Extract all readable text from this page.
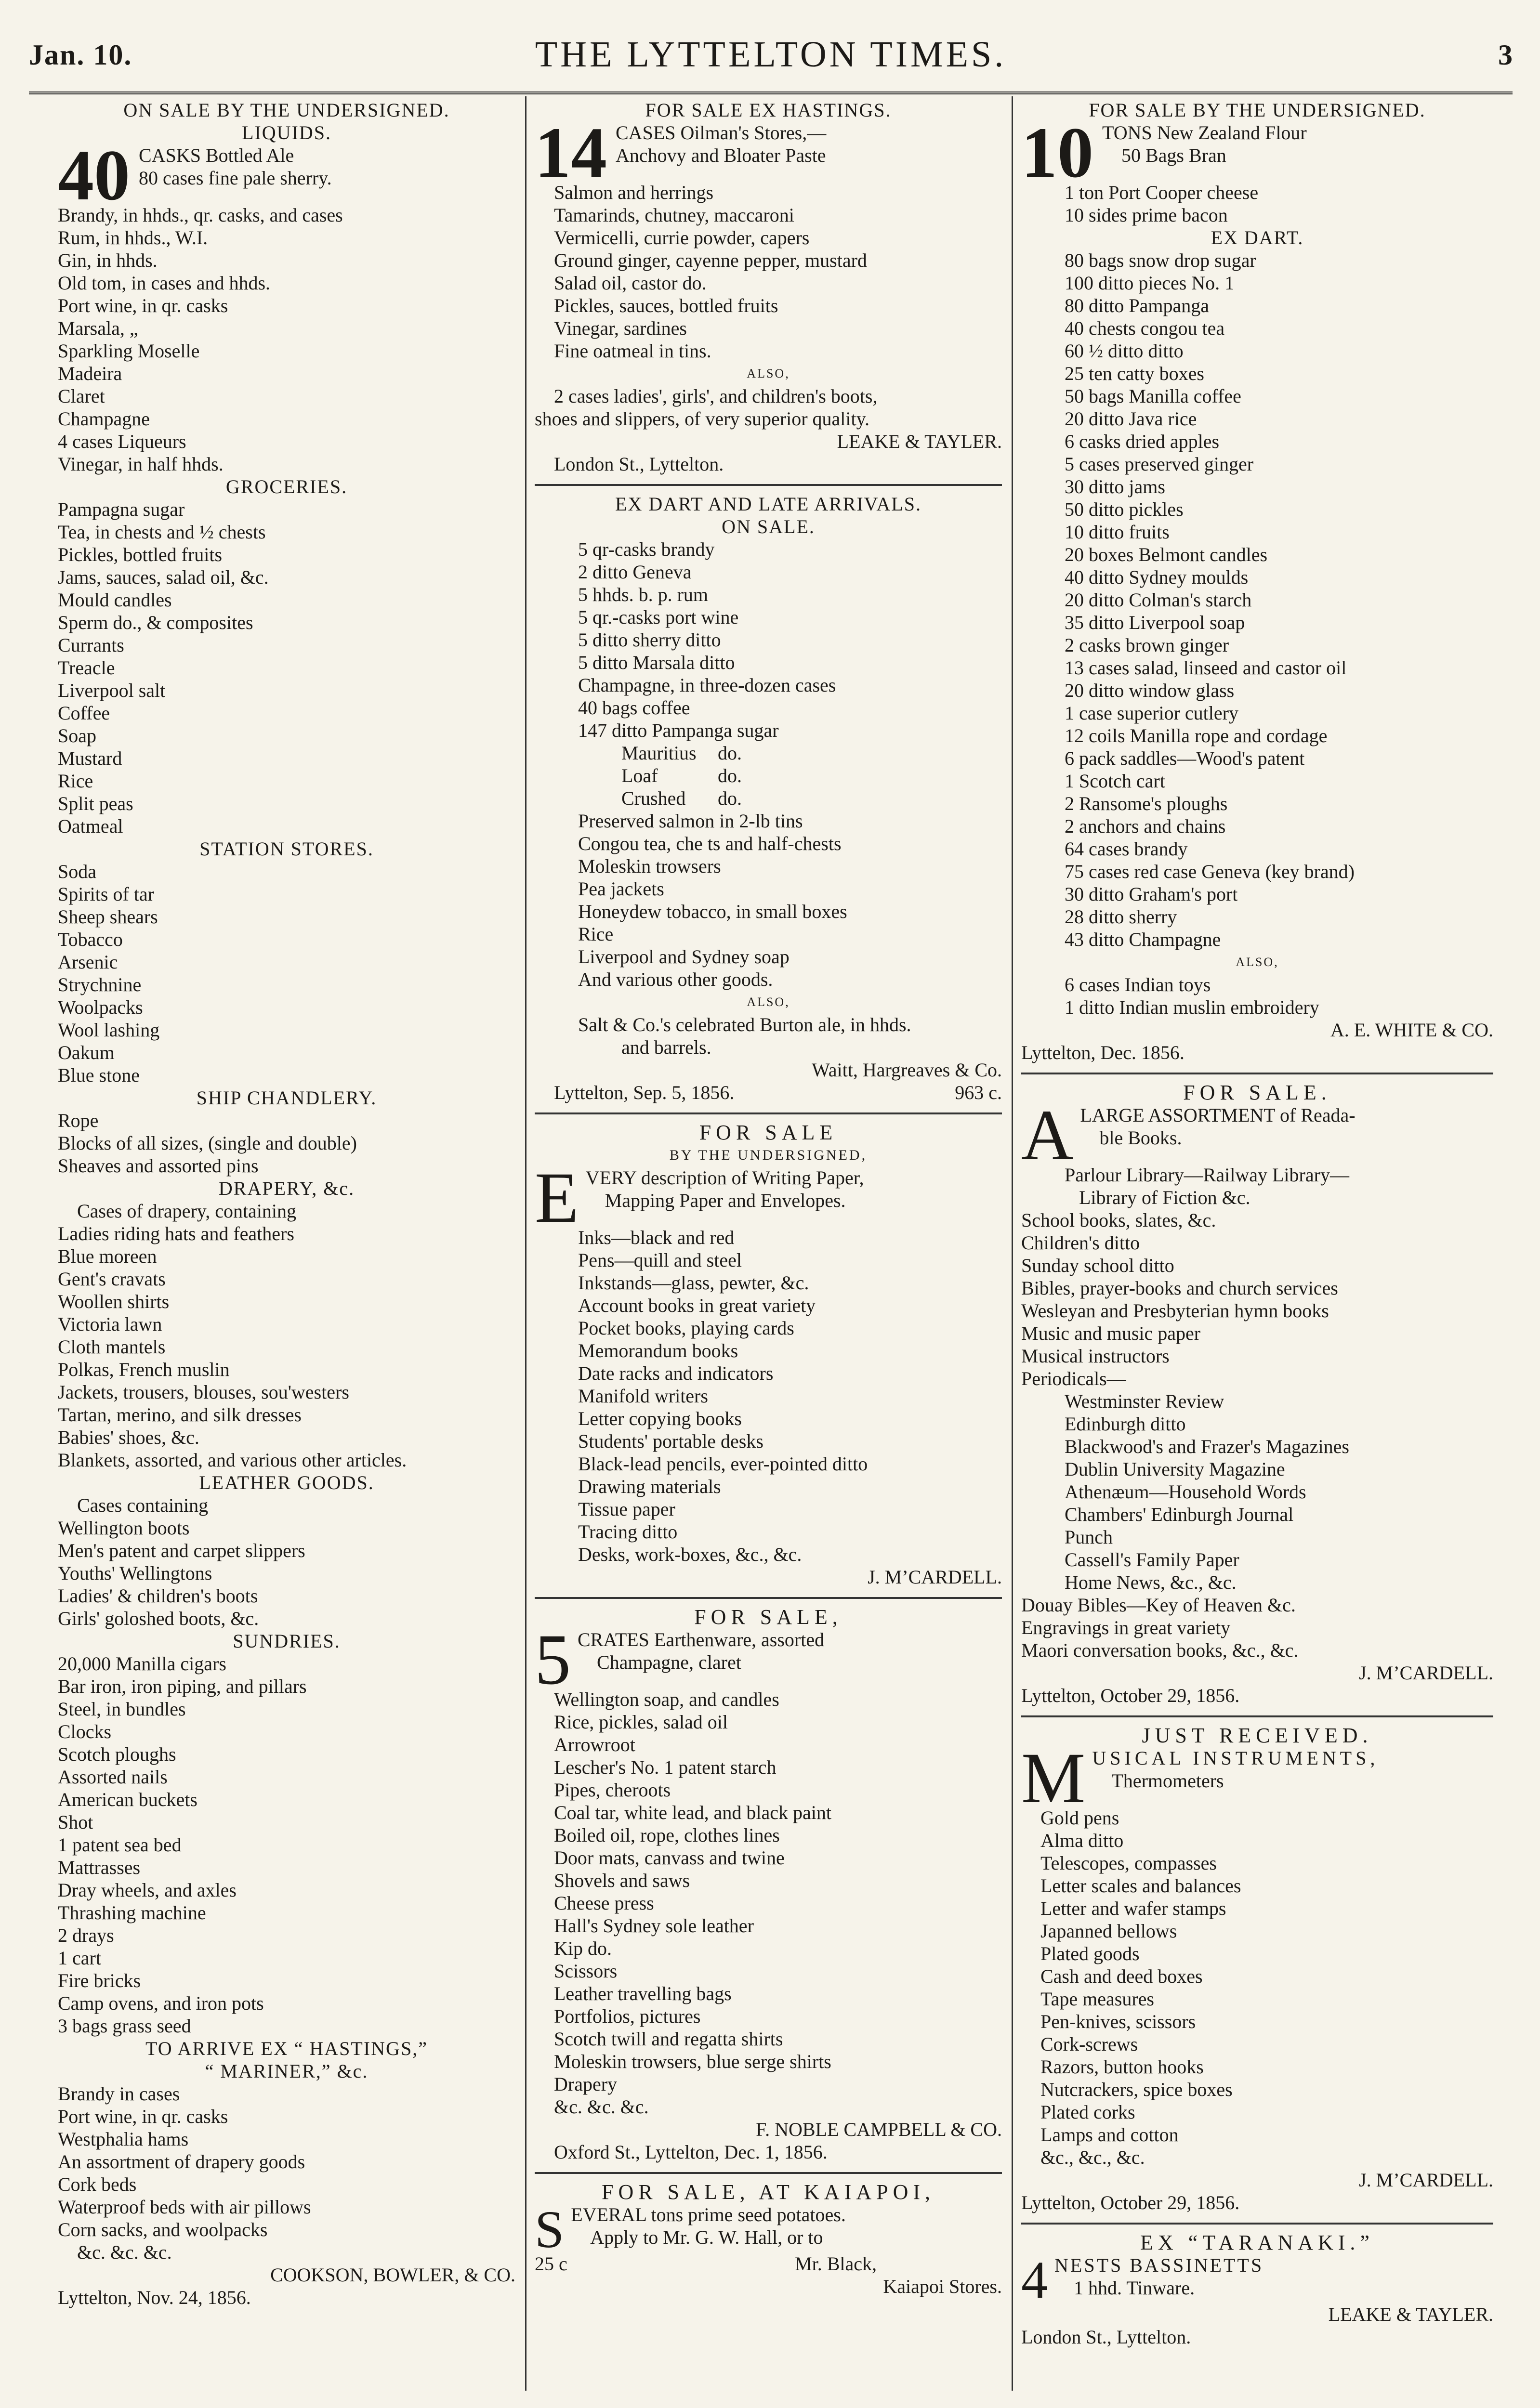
Jan. 10.	THE LYTTELTON TIMES.	3
ON SALE BY THE UNDERSIGNED.
LIQUIDS.
40 CASKS Bottled Ale
80 cases fine pale sherry.
Brandy, in hhds., qr. casks, and cases
Rum, in hhds., W.I.
Gin, in hhds.
Old tom, in cases and hhds.
Port wine, in qr. casks
Marsala, „
Sparkling Moselle
Madeira
Claret
Champagne
4 cases Liqueurs
Vinegar, in half hhds.
GROCERIES.
Pampagna sugar
Tea, in chests and ½ chests
Pickles, bottled fruits
Jams, sauces, salad oil, &c.
Mould candles
Sperm do., & composites
Currants
Treacle
Liverpool salt
Coffee
Soap
Mustard
Rice
Split peas
Oatmeal
STATION STORES.
Soda
Spirits of tar
Sheep shears
Tobacco
Arsenic
Strychnine
Woolpacks
Wool lashing
Oakum
Blue stone
SHIP CHANDLERY.
Rope
Blocks of all sizes, (single and double)
Sheaves and assorted pins
DRAPERY, &c.
Cases of drapery, containing
Ladies riding hats and feathers
Blue moreen
Gent's cravats
Woollen shirts
Victoria lawn
Cloth mantels
Polkas, French muslin
Jackets, trousers, blouses, sou'westers
Tartan, merino, and silk dresses
Babies' shoes, &c.
Blankets, assorted, and various other articles.
LEATHER GOODS.
Cases containing
Wellington boots
Men's patent and carpet slippers
Youths' Wellingtons
Ladies' & children's boots
Girls' goloshed boots, &c.
SUNDRIES.
20,000 Manilla cigars
Bar iron, iron piping, and pillars
Steel, in bundles
Clocks
Scotch ploughs
Assorted nails
American buckets
Shot
1 patent sea bed
Mattrasses
Dray wheels, and axles
Thrashing machine
2 drays
1 cart
Fire bricks
Camp ovens, and iron pots
3 bags grass seed
TO ARRIVE EX “ HASTINGS,”
“ MARINER,” &c.
Brandy in cases
Port wine, in qr. casks
Westphalia hams
An assortment of drapery goods
Cork beds
Waterproof beds with air pillows
Corn sacks, and woolpacks
&c. &c. &c.
COOKSON, BOWLER, & CO.
Lyttelton, Nov. 24, 1856.
FOR SALE EX HASTINGS.
14 CASES Oilman's Stores,—
Anchovy and Bloater Paste
Salmon and herrings
Tamarinds, chutney, maccaroni
Vermicelli, currie powder, capers
Ground ginger, cayenne pepper, mustard
Salad oil, castor do.
Pickles, sauces, bottled fruits
Vinegar, sardines
Fine oatmeal in tins.
ALSO,
2 cases ladies', girls', and children's boots,
shoes and slippers, of very superior quality.
LEAKE & TAYLER.
London St., Lyttelton.
EX DART AND LATE ARRIVALS.
ON SALE.
5 qr-casks brandy
2 ditto Geneva
5 hhds. b. p. rum
5 qr.-casks port wine
5 ditto sherry ditto
5 ditto Marsala ditto
Champagne, in three-dozen cases
40 bags coffee
147 ditto Pampanga sugar
Mauritius do.
Loaf	do.
Crushed do.
Preserved salmon in 2-lb tins
Congou tea, che ts and half-chests
Moleskin trowsers
Pea jackets
Honeydew tobacco, in small boxes
Rice
Liverpool and Sydney soap
And various other goods.
ALSO,
Salt & Co.'s celebrated Burton ale, in hhds.
and barrels.
Waitt, Hargreaves & Co.
Lyttelton, Sep. 5, 1856.	963 c.
FOR SALE
BY THE UNDERSIGNED,
E VERY description of Writing Paper,
Mapping Paper and Envelopes.
Inks—black and red
Pens—quill and steel
Inkstands—glass, pewter, &c.
Account books in great variety
Pocket books, playing cards
Memorandum books
Date racks and indicators
Manifold writers
Letter copying books
Students' portable desks
Black-lead pencils, ever-pointed ditto
Drawing materials
Tissue paper
Tracing ditto
Desks, work-boxes, &c., &c.
J. M’CARDELL.
FOR SALE,
5 CRATES Earthenware, assorted
Champagne, claret
Wellington soap, and candles
Rice, pickles, salad oil
Arrowroot
Lescher's No. 1 patent starch
Pipes, cheroots
Coal tar, white lead, and black paint
Boiled oil, rope, clothes lines
Door mats, canvass and twine
Shovels and saws
Cheese press
Hall's Sydney sole leather
Kip do.
Scissors
Leather travelling bags
Portfolios, pictures
Scotch twill and regatta shirts
Moleskin trowsers, blue serge shirts
Drapery
&c. &c. &c.
F. NOBLE CAMPBELL & CO.
Oxford St., Lyttelton, Dec. 1, 1856.
FOR SALE, AT KAIAPOI,
S EVERAL tons prime seed potatoes.
Apply to Mr. G. W. Hall, or to
25 c	Mr. Black,
Kaiapoi Stores.
FOR SALE BY THE UNDERSIGNED.
10 TONS New Zealand Flour
50 Bags Bran
1 ton Port Cooper cheese
10 sides prime bacon
EX DART.
80 bags snow drop sugar
100 ditto pieces No. 1
80 ditto Pampanga
40 chests congou tea
60 ½ ditto ditto
25 ten catty boxes
50 bags Manilla coffee
20 ditto Java rice
6 casks dried apples
5 cases preserved ginger
30 ditto jams
50 ditto pickles
10 ditto fruits
20 boxes Belmont candles
40 ditto Sydney moulds
20 ditto Colman's starch
35 ditto Liverpool soap
2 casks brown ginger
13 cases salad, linseed and castor oil
20 ditto window glass
1 case superior cutlery
12 coils Manilla rope and cordage
6 pack saddles—Wood's patent
1 Scotch cart
2 Ransome's ploughs
2 anchors and chains
64 cases brandy
75 cases red case Geneva (key brand)
30 ditto Graham's port
28 ditto sherry
43 ditto Champagne
ALSO,
6 cases Indian toys
1 ditto Indian muslin embroidery
A. E. WHITE & CO.
Lyttelton, Dec. 1856.
FOR SALE.
A LARGE ASSORTMENT of Reada-
ble Books.
Parlour Library—Railway Library—
Library of Fiction &c.
School books, slates, &c.
Children's ditto
Sunday school ditto
Bibles, prayer-books and church services
Wesleyan and Presbyterian hymn books
Music and music paper
Musical instructors
Periodicals—
Westminster Review
Edinburgh ditto
Blackwood's and Frazer's Magazines
Dublin University Magazine
Athenæum—Household Words
Chambers' Edinburgh Journal
Punch
Cassell's Family Paper
Home News, &c., &c.
Douay Bibles—Key of Heaven &c.
Engravings in great variety
Maori conversation books, &c., &c.
J. M’CARDELL.
Lyttelton, October 29, 1856.
JUST RECEIVED.
M USICAL INSTRUMENTS,
Thermometers
Gold pens
Alma ditto
Telescopes, compasses
Letter scales and balances
Letter and wafer stamps
Japanned bellows
Plated goods
Cash and deed boxes
Tape measures
Pen-knives, scissors
Cork-screws
Razors, button hooks
Nutcrackers, spice boxes
Plated corks
Lamps and cotton
&c., &c., &c.
J. M’CARDELL.
Lyttelton, October 29, 1856.
EX “TARANAKI.”
4 NESTS BASSINETTS
1 hhd. Tinware.
LEAKE & TAYLER.
London St., Lyttelton.
